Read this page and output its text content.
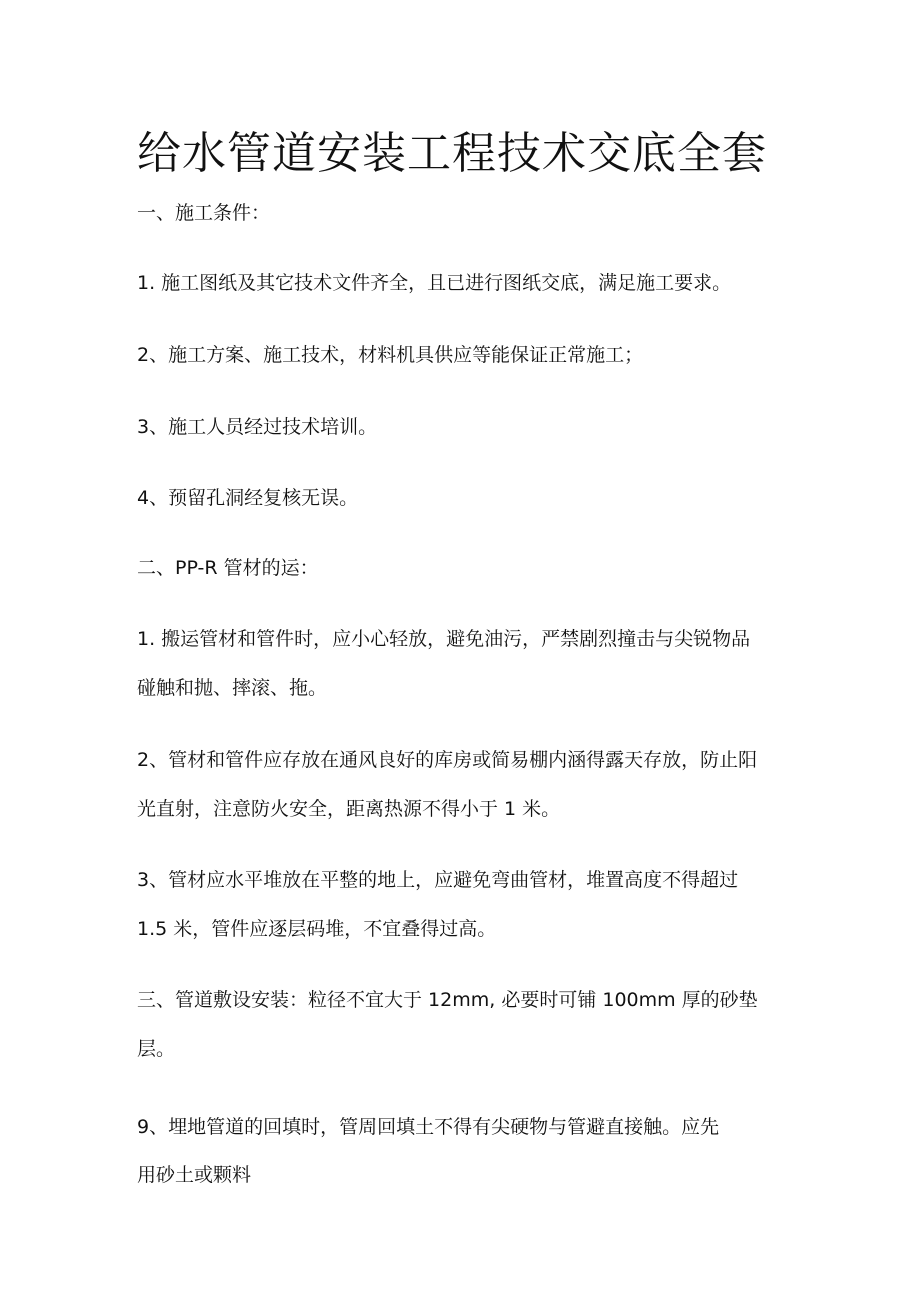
给水管道安装工程技术交底全套

一、施工条件：

1. 施工图纸及其它技术文件齐全，且已进行图纸交底，满足施工要求。

2、施工方案、施工技术，材料机具供应等能保证正常施工；

3、施工人员经过技术培训。

4、预留孔洞经复核无误。

二、PP-R 管材的运：

1. 搬运管材和管件时，应小心轻放，避免油污，严禁剧烈撞击与尖锐物品

碰触和抛、摔滚、拖。

2、管材和管件应存放在通风良好的库房或简易棚内涵得露天存放，防止阳

光直射，注意防火安全，距离热源不得小于 1 米。

3、管材应水平堆放在平整的地上，应避免弯曲管材，堆置高度不得超过

1.5 米，管件应逐层码堆，不宜叠得过高。

三、管道敷设安装：粒径不宜大于 12mm, 必要时可铺 100mm 厚的砂垫

层。

9、埋地管道的回填时，管周回填土不得有尖硬物与管避直接触。应先

用砂土或颗料
